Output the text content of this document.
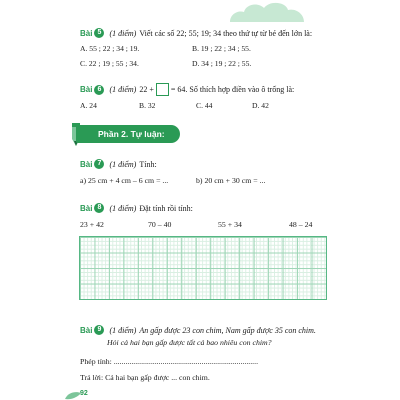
Bài 5	(1 điểm) Viết các số 22; 55; 19; 34 theo thứ tự từ bé đến lớn là:
A. 55 ; 22 ; 34 ; 19.	B. 19 ; 22 ; 34 ; 55.
C. 22 ; 19 ; 55 ; 34.	D. 34 ; 19 ; 22 ; 55.
Bài 6	(1 điểm) 22 + = 64. Số thích hợp điền vào ô trống là:
A. 24	B. 32	C. 44	D. 42
Phần 2. Tự luận:
Bài 7	(1 điểm) Tính:
a) 25 cm + 4 cm – 6 cm = ...	b) 20 cm + 30 cm = ...
Bài 8	(1 điểm) Đặt tính rồi tính:
23 + 42	70 – 40	55 + 34	48 – 24
Bài 9	(1 điểm) An gấp được 23 con chim, Nam gấp được 35 con chim.
Hỏi cả hai bạn gấp được tất cả bao nhiêu con chim?
Phép tính: ..........................................................................
Trả lời: Cả hai bạn gấp được ... con chim.
92
